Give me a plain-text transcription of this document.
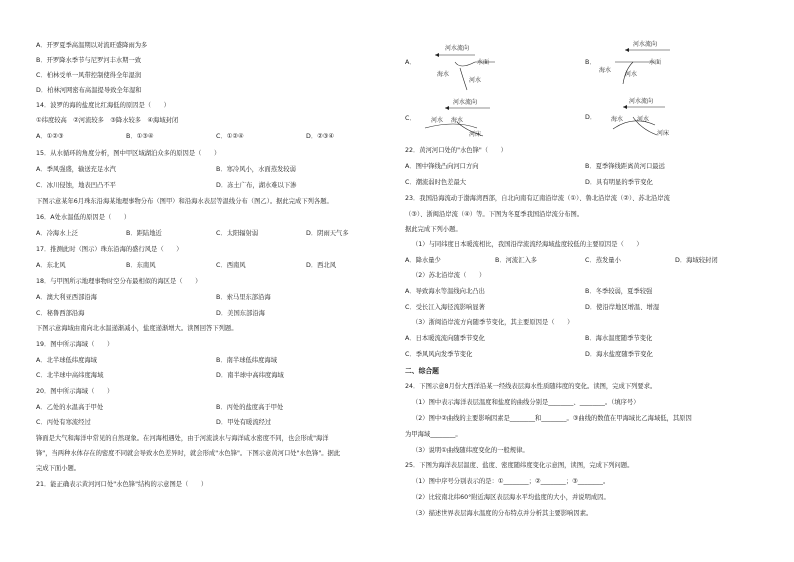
A．开罗夏季高温期以对流旺盛降雨为多
B．开罗降水季节与尼罗河丰水期一致
C．柏林受单一风带控制使得全年湿润
D．柏林河网密布高温提导致全年湿和
14．波罗的海的盐度比红海低的原因是（　　）
①纬度较高　②河流较多　③降水较多　④海域封闭
A．①②③	B．①③④	C．①②④	D．②③④
15．从水循环的角度分析，图中甲区域湖泊众多的原因是（　　）
A．季风强盛，输送充足水汽	B．寒冷风小，水面蒸发较弱
C．冰川侵蚀，地表凹凸不平	D．冻土广布，湖水难以下渗
下图示意某年6月珠东沿海某地理事物分布（图甲）和沿海水表层等温线分布（图乙）。据此完成下列各题。
16．A处水温低的原因是（　　）
A．冷海水上泛	B．距陆地近	C．太阳辐射弱	D．阴雨天气多
17．推测此时（图示）珠东沿海的盛行风是（　　）
A．东北风	B．东南风	C．西南风	D．西北风
18．与甲图所示地理事物时空分布最相似的海区是（　　）
A．澳大利亚西部沿海	B．索马里东部沿海
C．秘鲁西部沿海	D．美国东部沿海
下图示意海域由南向北水温递渐减小，盐度递渐增大。读图回答下列题。
19．图中所示海域（　　）
A．北半球低纬度海域	B．南半球低纬度海域
C．北半球中高纬度海域	D．南半球中高纬度海域
20．图中所示海域（　　）
A．乙处的水温高于甲处	B．丙处的盐度高于甲处
C．丙处有寒流经过	D．甲处有暖流经过
锋面是大气和海洋中常见的自然现象。在河海相遇处，由于河流淡水与海洋咸水密度不同，也会形成"海洋
锋"，当两种水体存在的密度不同就会导致水色差异时，就会形成"水色锋"。下图示意黄河口处"水色锋"。据此
完成下面小题。
21．能正确表示黄河河口处"水色锋"结构的示意图是（　　）
22．黄河河口处的"水色锋"（　　）
A．图中锋线凸向河口方向	B．夏季锋线距离黄河口最远
C．潮流弱时色差最大	D．具有明显的季节变化
23．我国沿海流动于渤海湾西部，自北向南有辽南沿岸流（①）、鲁北沿岸流（②）、苏北沿岸流
（③）、浙闽沿岸流（④）等。下图为冬夏季我国沿岸流分布图。
据此完成下列小题。
（1）与同纬度日本暖流相比，我国沿岸流流经海域盐度较低的主要原因是（　　）
A．降水量少	B．河流汇入多	C．蒸发量小	D．海域较封闭
（2）苏北沿岸流（　　）
A．导致海水等温线向北凸出	B．冬季较弱，夏季较强
C．受长江入海径流影响显著	D．使沿岸地区增温、增湿
（3）浙闽沿岸流方向随季节变化，其主要原因是（　　）
A．日本暖流流向随季节变化	B．海水温度随季节变化
C．季风风向发季节变化	D．海水盐度随季节变化
二、综合题
24．下图示意8月份大西洋沿某一经线表层海水性质随纬度的变化。读图，完成下列要求。
（1）图中表示海洋表层温度和盐度的曲线分别是________、________。（填序号）
（2）图中②曲线的主要影响因素是________和________。③曲线的数值在甲海域比乙海域低，其原因
为甲海域________。
（3）说明①曲线随纬度变化的一般规律。
25．下图为海洋表层温度、盐度、密度随纬度变化示意图，读图，完成下列问题。
（1）图中序号分别表示的是：①________；②________；③________。
（2）比较南北纬60°附近海区表层海水平均盐度的大小，并说明成因。
（3）描述世界表层海水温度的分布特点并分析其主要影响因素。
A．
河水流向
水面
海水
河水
B．
河水流向
水面
海水
河水
C．
河水流向
河水 海水
河床
D．
河水流向
海水 河水
河床
